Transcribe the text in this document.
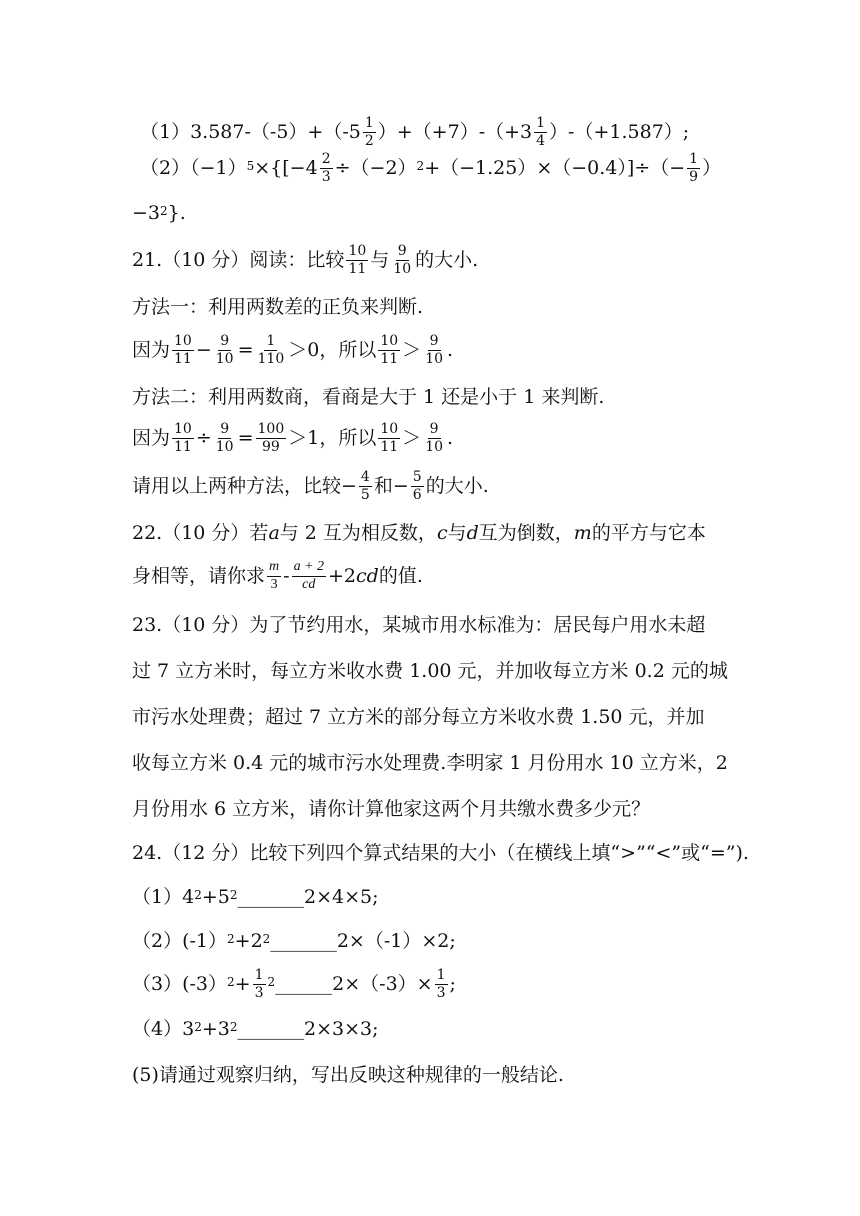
$(1)3.587-(-5)+(-5 \frac{1}{2} )+(+7)-(+3 \frac{1}{4} )-(+1.587)$;
$(2)(-1)^5 \times\{[-4 \frac{2}{3} \div(-2)^2 +(-1.25)\times(-0.4)]\div(- \frac{1}{9}$ ）
$-3^2$ }.
21.（10 分）阅读：比较 $\frac{10}{11}$ 与 $\frac{9}{10}$ 的大小.
方法一：利用两数差的正负来判断.
因为 $\frac{10}{11} - \frac{9}{10} = \frac{1}{110} >0$，所以 $\frac{10}{11} > \frac{9}{10}$ .
方法二：利用两数商，看商是大于 1 还是小于 1 来判断.
因为 $\frac{10}{11} \div \frac{9}{10} = \frac{100}{99} >1$，所以 $\frac{10}{11} > \frac{9}{10}$ .
请用以上两种方法，比较− $\frac{4}{5}$ 和− $\frac{5}{6}$ 的大小.
22.（10 分）若 a 与 2 互为相反数， c 与 d 互为倒数， m 的平方与它本
身相等，请你求 $\frac{m}{3} - \frac{a + 2}{cd} +2$ cd 的值.
23.（10 分）为了节约用水，某城市用水标准为：居民每户用水未超
过 7 立方米时，每立方米收水费 1.00 元，并加收每立方米 0.2 元的城
市污水处理费；超过 7 立方米的部分每立方米收水费 1.50 元，并加
收每立方米 0.4 元的城市污水处理费.李明家 1 月份用水 10 立方米，2
月份用水 6 立方米，请你计算他家这两个月共缴水费多少元？
24.（12 分）比较下列四个算式结果的大小（在横线上填“>”“<”或“=”).
$(1)4^2 +5^2$ _______2×4×5;
$(2)(-1)^2 +2^2$ _______2×（-1）×2;
$(3)(-3)^2 + \frac{1}{3}^2$ ______2×（-3）× $\frac{1}{3}$ ;
$(4)3^2 +3^2$ _______2×3×3;
(5)请通过观察归纳，写出反映这种规律的一般结论.
